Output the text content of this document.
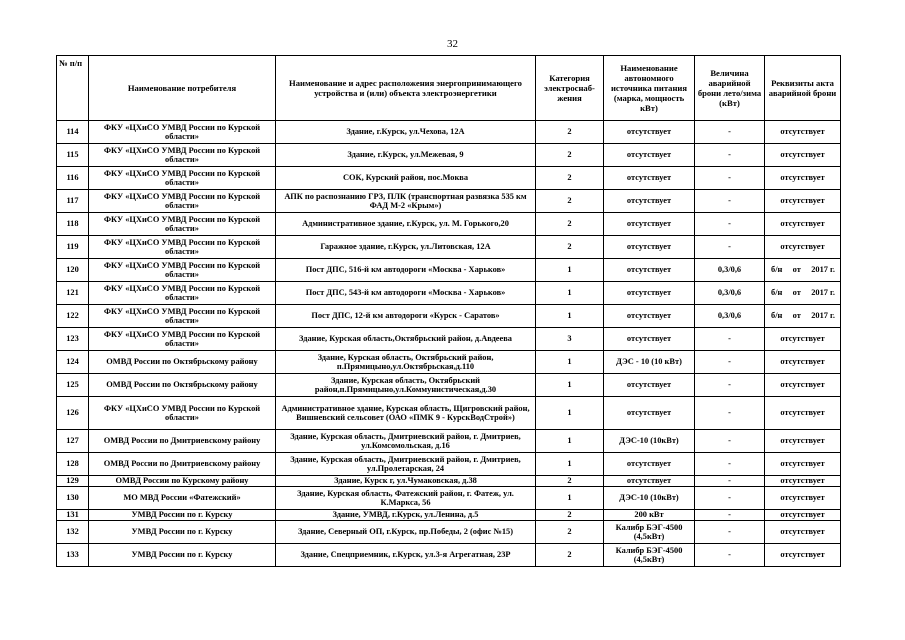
32
№ п/п	Наименование потребителя	Наименование и адрес расположения энергопринимающего устройства и (или) объекта электроэнергетики	Категория электроснаб-жения	Наименование автономного источника питания (марка, мощность кВт)	Величина аварийной брони лето/зима (кВт)	Реквизиты акта аварийной брони
114	ФКУ «ЦХиСО УМВД России по Курской области»	Здание, г.Курск, ул.Чехова, 12А	2	отсутствует	-	отсутствует
115	ФКУ «ЦХиСО УМВД России по Курской области»	Здание, г.Курск, ул.Межевая, 9	2	отсутствует	-	отсутствует
116	ФКУ «ЦХиСО УМВД России по Курской области»	СОК, Курский район, пос.Моква	2	отсутствует	-	отсутствует
117	ФКУ «ЦХиСО УМВД России по Курской области»	АПК по распознанию ГРЗ, ПЛК (транспортная развязка 535 км ФАД М-2 «Крым»)	2	отсутствует	-	отсутствует
118	ФКУ «ЦХиСО УМВД России по Курской области»	Административное здание, г.Курск, ул. М. Горького,20	2	отсутствует	-	отсутствует
119	ФКУ «ЦХиСО УМВД России по Курской области»	Гаражное здание, г.Курск, ул.Литовская, 12А	2	отсутствует	-	отсутствует
120	ФКУ «ЦХиСО УМВД России по Курской области»	Пост ДПС, 516-й км автодороги «Москва - Харьков»	1	отсутствует	0,3/0,6	б/н от 2017 г.

121	ФКУ «ЦХиСО УМВД России по Курской области»	Пост ДПС, 543-й км автодороги «Москва - Харьков»	1	отсутствует	0,3/0,6	б/н от 2017 г.

122	ФКУ «ЦХиСО УМВД России по Курской области»	Пост ДПС, 12-й км автодороги «Курск - Саратов»	1	отсутствует	0,3/0,6	б/н от 2017 г.

123	ФКУ «ЦХиСО УМВД России по Курской области»	Здание, Курская область,Октябрьский район, д.Авдеева	3	отсутствует	-	отсутствует
124	ОМВД России по Октябрьскому району	Здание, Курская область, Октябрьский район, п.Прямицыно,ул.Октябрьская,д.110	1	ДЭС - 10 (10 кВт)	-	отсутствует
125	ОМВД России по Октябрьскому району	Здание, Курская область, Октябрьский район,п.Прямицыно,ул.Коммунистическая,д.30	1	отсутствует	-	отсутствует
126	ФКУ «ЦХиСО УМВД России по Курской области»	Административное здание, Курская область, Щигровский район, Вишневский сельсовет (ОАО «ПМК 9 - КурскВодСтрой»)	1	отсутствует	-	отсутствует
127	ОМВД России по Дмитриевскому району	Здание, Курская область, Дмитриевский район, г. Дмитриев, ул.Комсомольская, д.16	1	ДЭС-10 (10кВт)	-	отсутствует
128	ОМВД России по Дмитриевскому району	Здание, Курская область, Дмитриевский район, г. Дмитриев, ул.Пролетарская, 24	1	отсутствует	-	отсутствует
129	ОМВД России по Курскому району	Здание, Курск г, ул.Чумаковская, д.38	2	отсутствует	-	отсутствует
130	МО МВД России «Фатежский»	Здание, Курская область, Фатежский район, г. Фатеж, ул. К.Маркса, 56	1	ДЭС-10 (10кВт)	-	отсутствует
131	УМВД России по г. Курску	Здание, УМВД, г.Курск, ул.Ленина, д.5	2	200 кВт	-	отсутствует
132	УМВД России по г. Курску	Здание, Северный ОП, г.Курск, пр.Победы, 2 (офис №15)	2	Калибр БЭГ-4500 (4,5кВт)	-	отсутствует
133	УМВД России по г. Курску	Здание, Спецприемник, г.Курск, ул.3-я Агрегатная, 23Р	2	Калибр БЭГ-4500 (4,5кВт)	-	отсутствует
